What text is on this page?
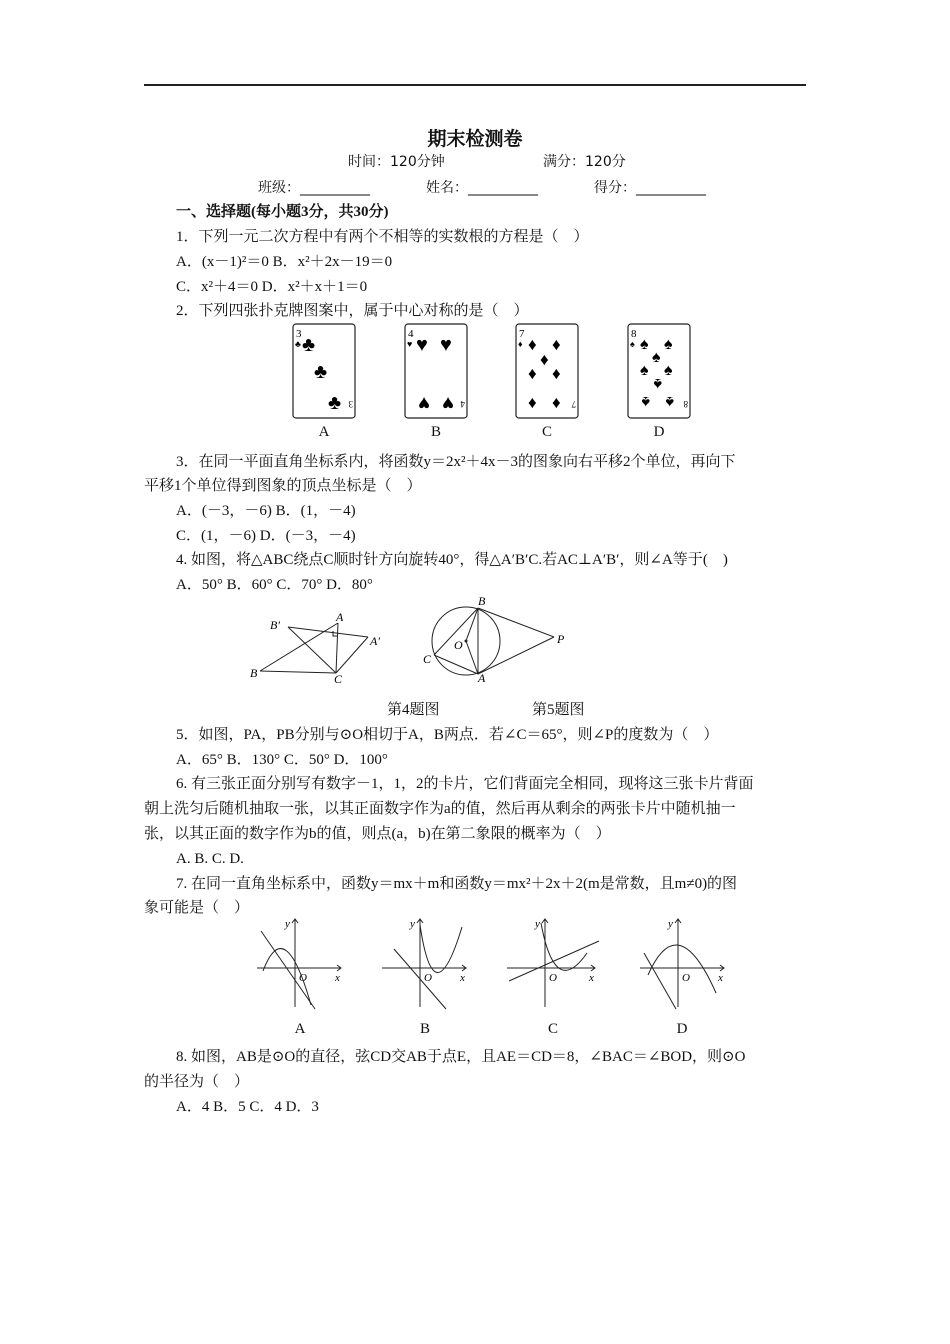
期末检测卷
时间：120分钟	满分：120分
班级：__________	姓名：__________	得分：__________
一、选择题(每小题3分，共30分)
1．下列一元二次方程中有两个不相等的实数根的方程是（　）
A．(x－1)²＝0 B．x²＋2x－19＝0
C．x²＋4＝0 D．x²＋x＋1＝0
2．下列四张扑克牌图案中，属于中心对称的是（　）
3
♣ ♣
♣
♣ 3
4
♥ ♥ ♥
♥ ♥ 4
7
♦ ♦ ♦
♦
♦ ♦
♦ ♦ 7
8
♠ ♠ ♠
♠
♠ ♠
♠
♠ ♠ 8
A	B	C	D
3．在同一平面直角坐标系内，将函数y＝2x²＋4x－3的图象向右平移2个单位，再向下
平移1个单位得到图象的顶点坐标是（　）
A．(－3，－6) B．(1，－4)
C．(1，－6) D．(－3，－4)
4. 如图，将△ABC绕点C顺时针方向旋转40°，得△A′B′C.若AC⊥A′B′，则∠A等于(　)
A．50° B．60° C．70° D．80°
B′
A
A′
B	C
B
O
C
A
P
第4题图	第5题图
5．如图，PA，PB分别与⊙O相切于A，B两点．若∠C＝65°，则∠P的度数为（　）
A．65° B．130° C．50° D．100°
6. 有三张正面分别写有数字－1，1，2的卡片，它们背面完全相同，现将这三张卡片背面
朝上洗匀后随机抽取一张，以其正面数字作为a的值，然后再从剩余的两张卡片中随机抽一
张，以其正面的数字作为b的值，则点(a，b)在第二象限的概率为（　）
A. B. C. D.
7. 在同一直角坐标系中，函数y＝mx＋m和函数y＝mx²＋2x＋2(m是常数，且m≠0)的图
象可能是（　）
y
x
O
y
x
O
y
x
O
y
x
O
A	B	C	D
8. 如图，AB是⊙O的直径，弦CD交AB于点E，且AE＝CD＝8，∠BAC＝∠BOD，则⊙O
的半径为（　）
A．4 B．5 C．4 D．3
